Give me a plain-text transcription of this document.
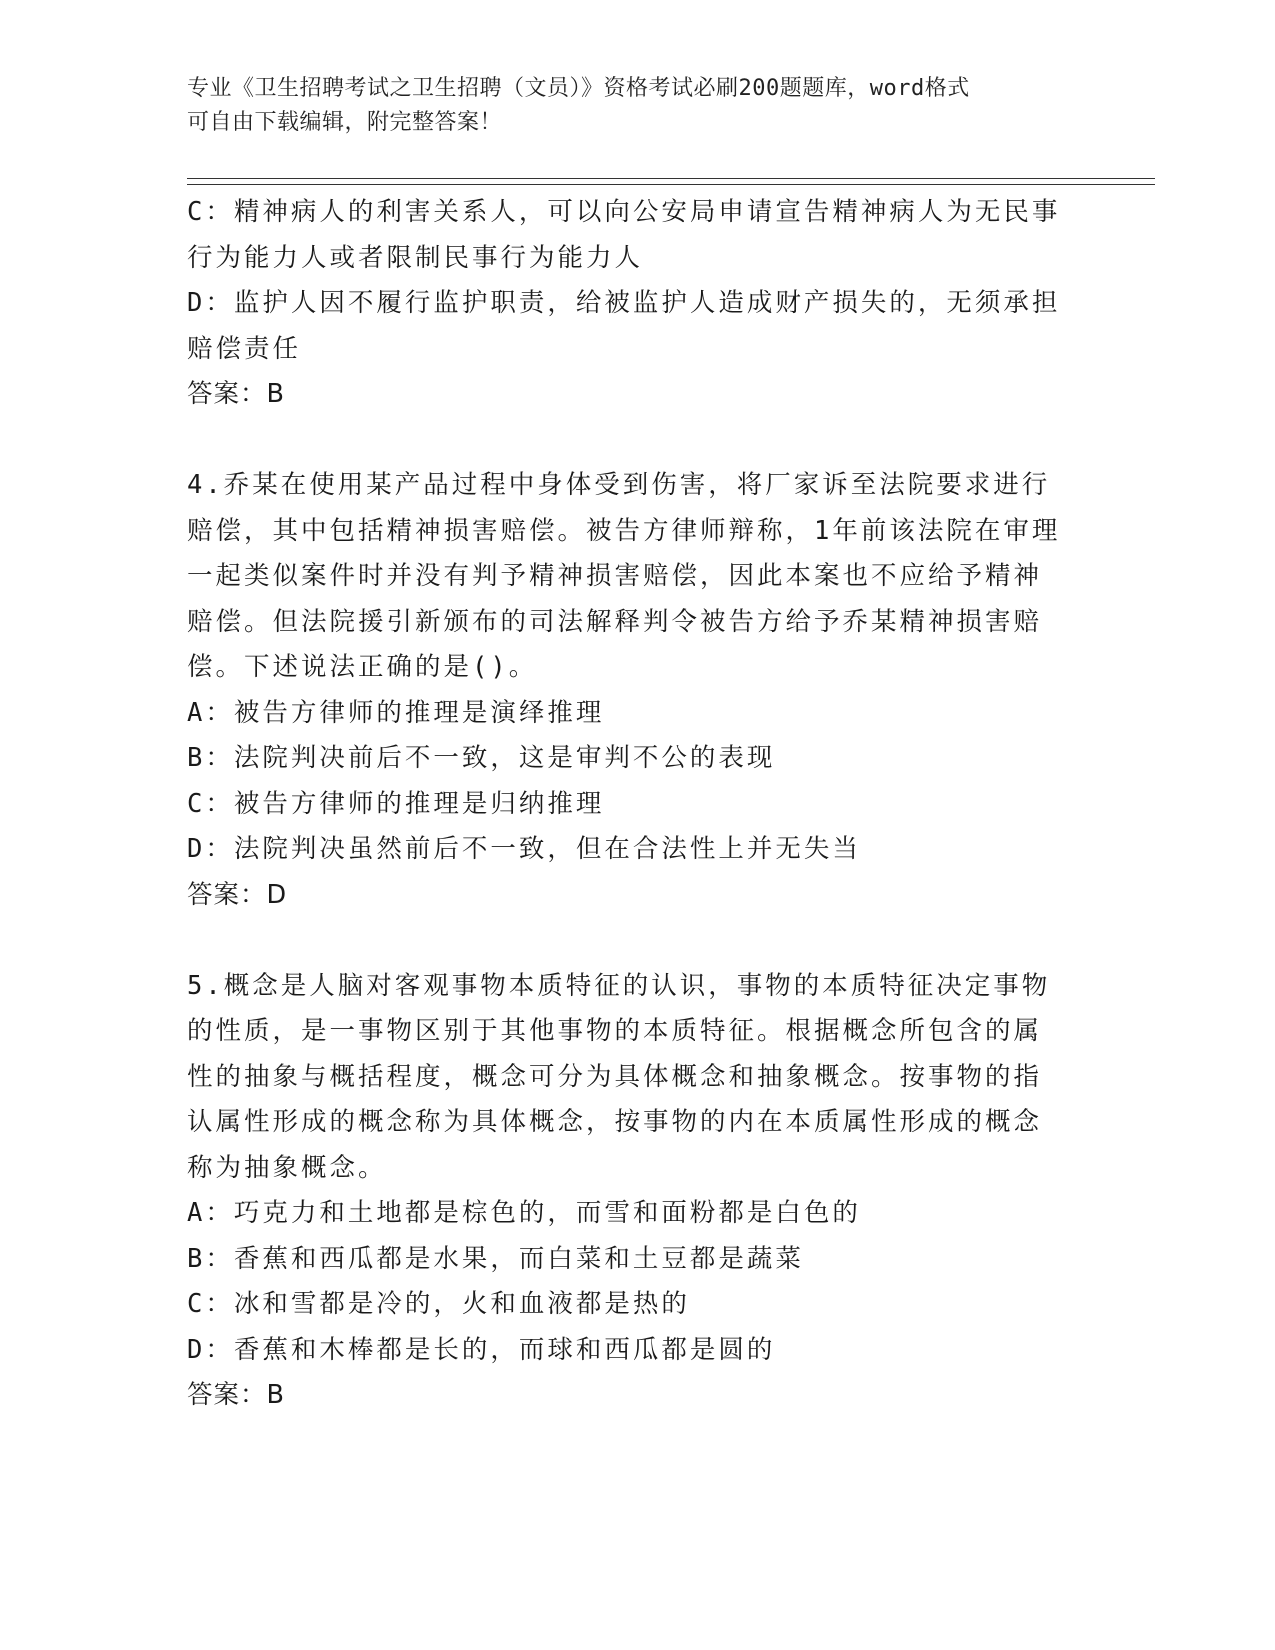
专业《卫生招聘考试之卫生招聘（文员）》资格考试必刷200题题库，word格式
可自由下载编辑，附完整答案！
C：精神病人的利害关系人，可以向公安局申请宣告精神病人为无民事
行为能力人或者限制民事行为能力人
D：监护人因不履行监护职责，给被监护人造成财产损失的，无须承担
赔偿责任
答案：B
4.乔某在使用某产品过程中身体受到伤害，将厂家诉至法院要求进行
赔偿，其中包括精神损害赔偿。被告方律师辩称，1年前该法院在审理
一起类似案件时并没有判予精神损害赔偿，因此本案也不应给予精神
赔偿。但法院援引新颁布的司法解释判令被告方给予乔某精神损害赔
偿。下述说法正确的是()。
A：被告方律师的推理是演绎推理
B：法院判决前后不一致，这是审判不公的表现
C：被告方律师的推理是归纳推理
D：法院判决虽然前后不一致，但在合法性上并无失当
答案：D
5.概念是人脑对客观事物本质特征的认识，事物的本质特征决定事物
的性质，是一事物区别于其他事物的本质特征。根据概念所包含的属
性的抽象与概括程度，概念可分为具体概念和抽象概念。按事物的指
认属性形成的概念称为具体概念，按事物的内在本质属性形成的概念
称为抽象概念。
A：巧克力和土地都是棕色的，而雪和面粉都是白色的
B：香蕉和西瓜都是水果，而白菜和土豆都是蔬菜
C：冰和雪都是冷的，火和血液都是热的
D：香蕉和木棒都是长的，而球和西瓜都是圆的
答案：B
